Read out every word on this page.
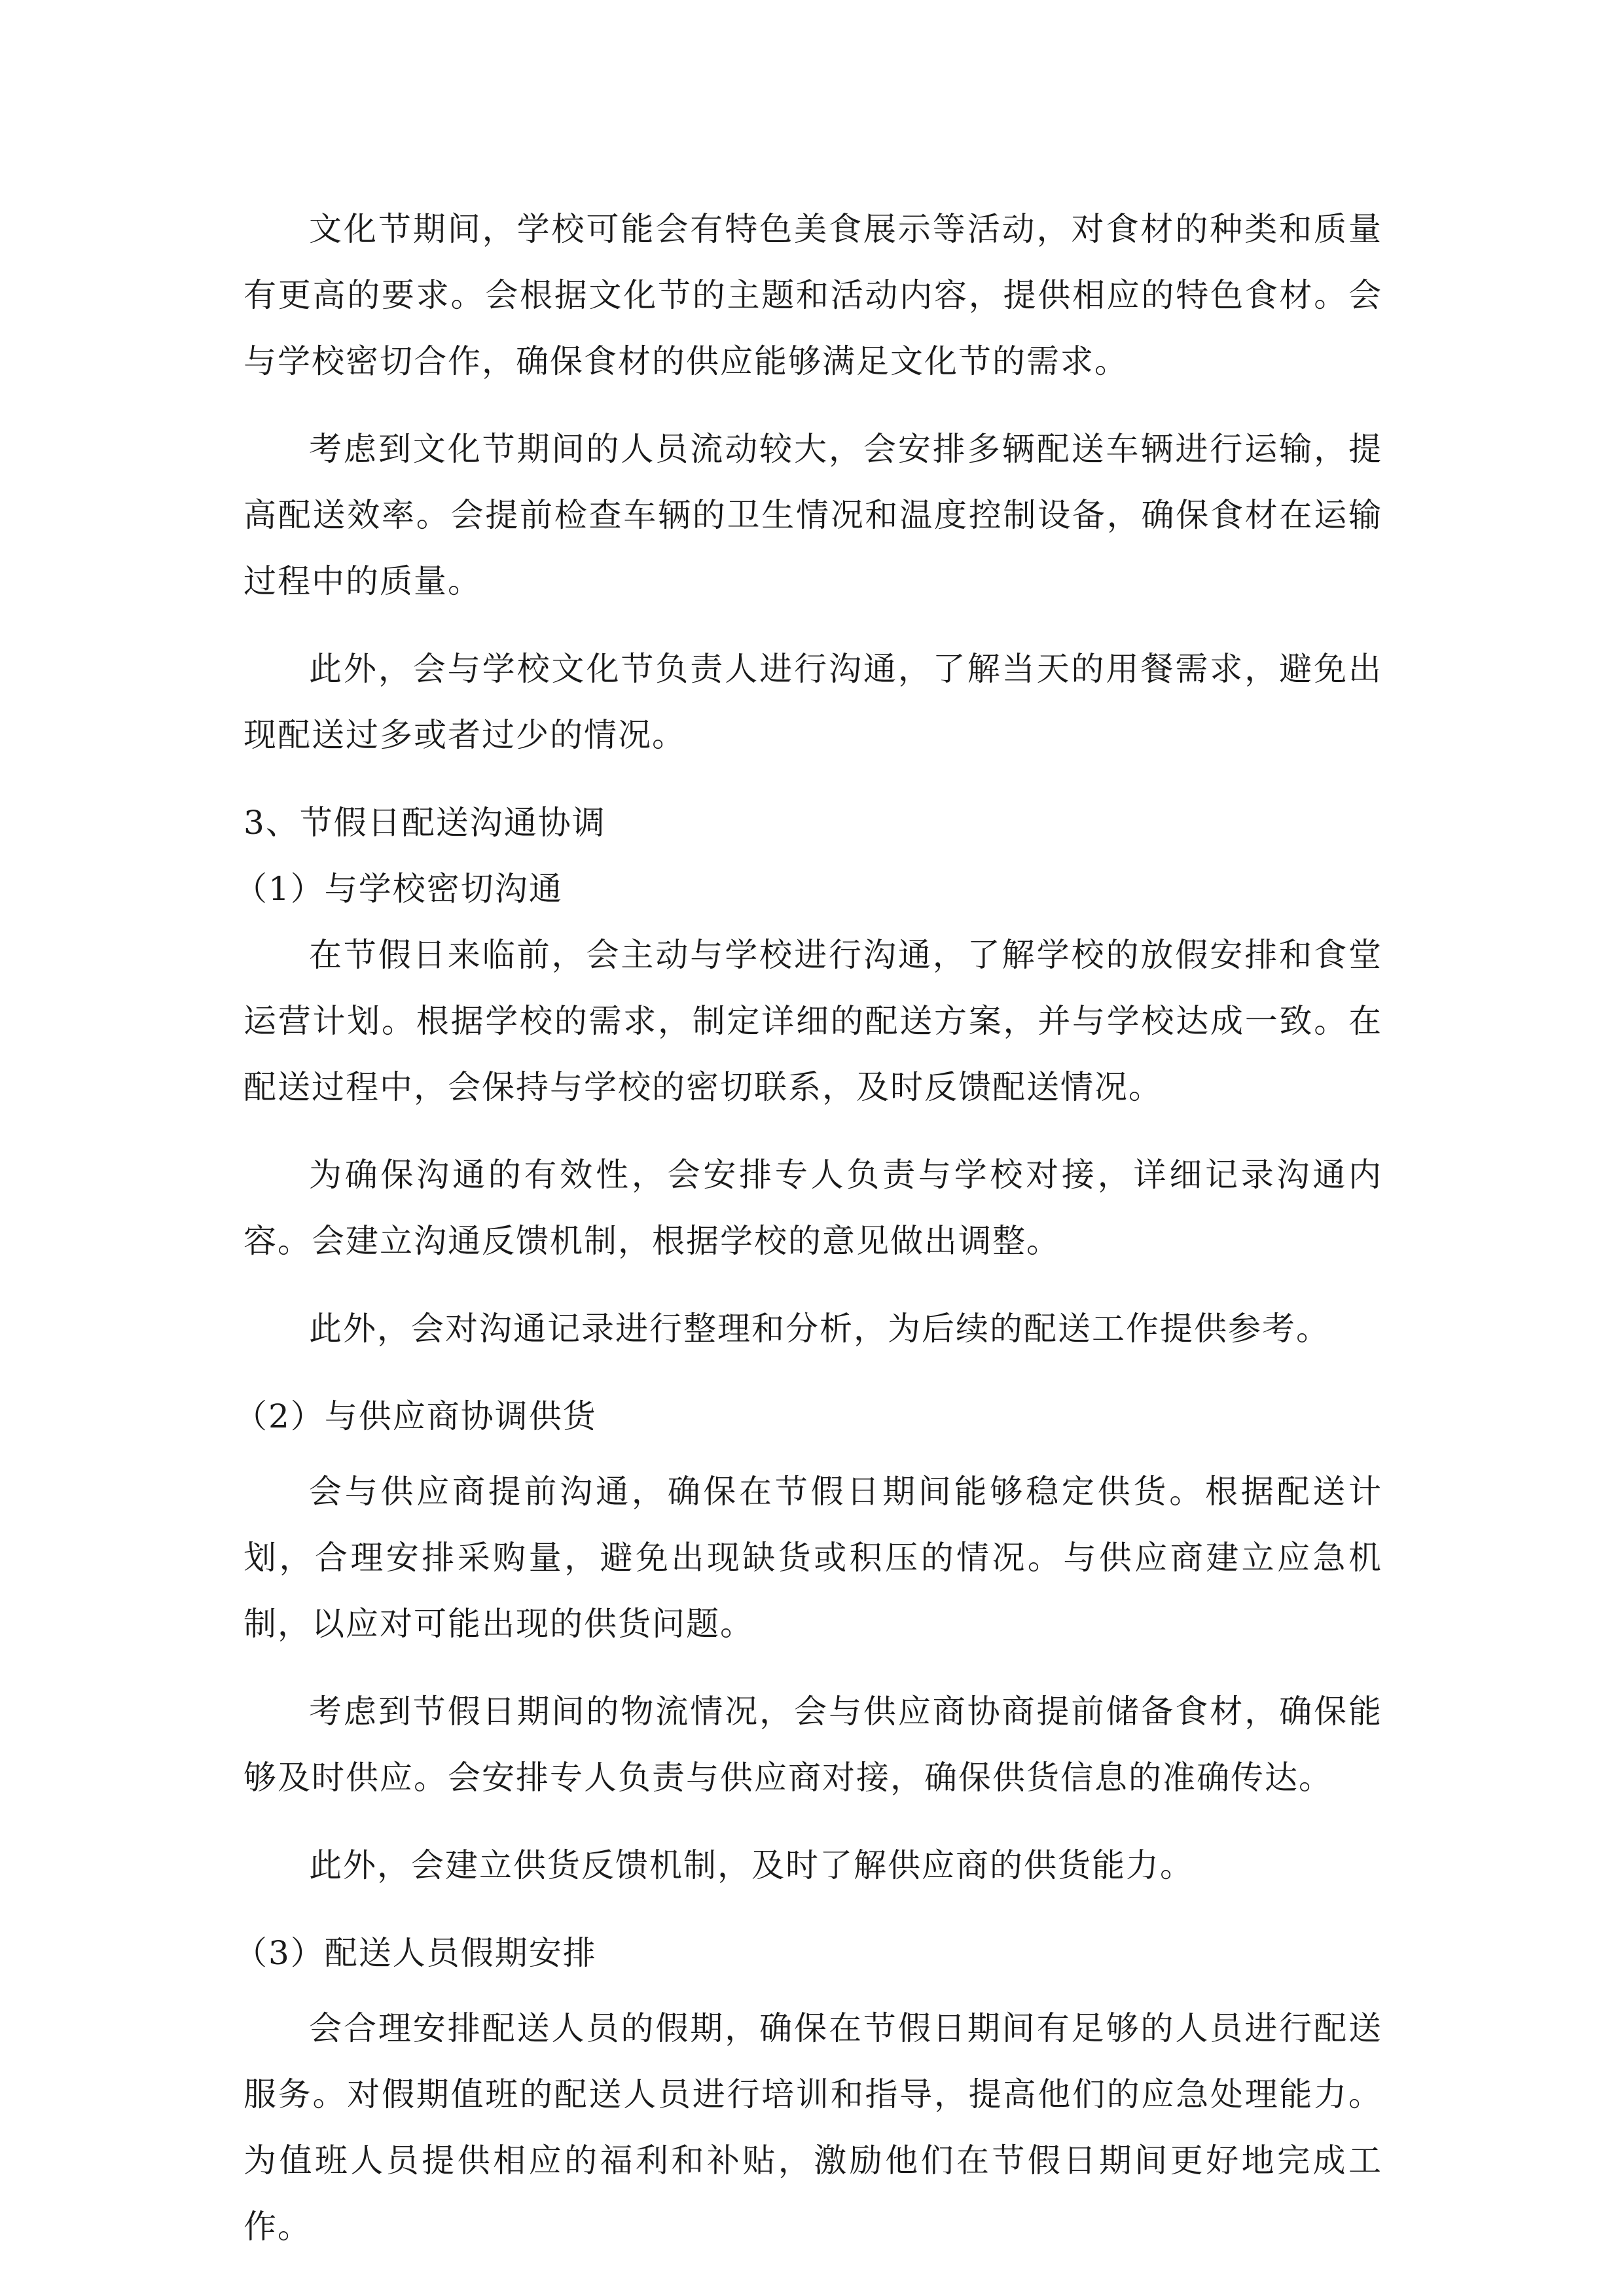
文化节期间，学校可能会有特色美食展示等活动，对食材的种类和质量有更高的要求。会根据文化节的主题和活动内容，提供相应的特色食材。会与学校密切合作，确保食材的供应能够满足文化节的需求。

考虑到文化节期间的人员流动较大，会安排多辆配送车辆进行运输，提高配送效率。会提前检查车辆的卫生情况和温度控制设备，确保食材在运输过程中的质量。

此外，会与学校文化节负责人进行沟通，了解当天的用餐需求，避免出现配送过多或者过少的情况。

3、节假日配送沟通协调

（1）与学校密切沟通

在节假日来临前，会主动与学校进行沟通，了解学校的放假安排和食堂运营计划。根据学校的需求，制定详细的配送方案，并与学校达成一致。在配送过程中，会保持与学校的密切联系，及时反馈配送情况。

为确保沟通的有效性，会安排专人负责与学校对接，详细记录沟通内容。会建立沟通反馈机制，根据学校的意见做出调整。

此外，会对沟通记录进行整理和分析，为后续的配送工作提供参考。

（2）与供应商协调供货

会与供应商提前沟通，确保在节假日期间能够稳定供货。根据配送计划，合理安排采购量，避免出现缺货或积压的情况。与供应商建立应急机制，以应对可能出现的供货问题。

考虑到节假日期间的物流情况，会与供应商协商提前储备食材，确保能够及时供应。会安排专人负责与供应商对接，确保供货信息的准确传达。

此外，会建立供货反馈机制，及时了解供应商的供货能力。

（3）配送人员假期安排

会合理安排配送人员的假期，确保在节假日期间有足够的人员进行配送服务。对假期值班的配送人员进行培训和指导，提高他们的应急处理能力。为值班人员提供相应的福利和补贴，激励他们在节假日期间更好地完成工作。
